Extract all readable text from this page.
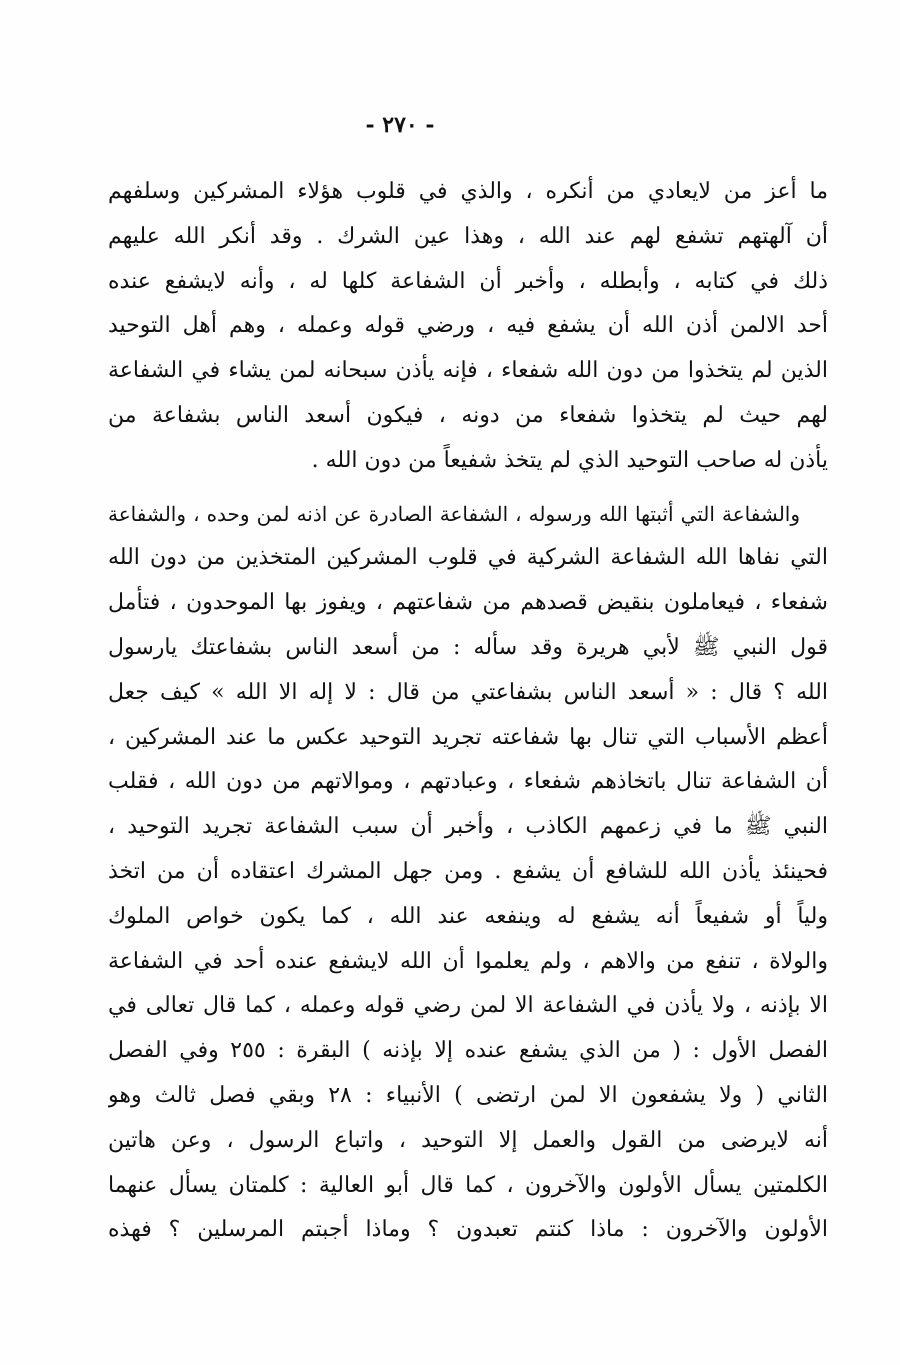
- ٢٧٠ -
ما أعز من لايعادي من أنكره ، والذي في قلوب هؤلاء المشركين وسلفهم
أن آلهتهم تشفع لهم عند الله ، وهذا عين الشرك . وقد أنكر الله عليهم
ذلك في كتابه ، وأبطله ، وأخبر أن الشفاعة كلها له ، وأنه لايشفع عنده
أحد الالمن أذن الله أن يشفع فيه ، ورضي قوله وعمله ، وهم أهل التوحيد
الذين لم يتخذوا من دون الله شفعاء ، فإنه يأذن سبحانه لمن يشاء في الشفاعة
لهم حيث لم يتخذوا شفعاء من دونه ، فيكون أسعد الناس بشفاعة من
يأذن له صاحب التوحيد الذي لم يتخذ شفيعاً من دون الله .
والشفاعة التي أثبتها الله ورسوله ، الشفاعة الصادرة عن اذنه لمن وحده ، والشفاعة
التي نفاها الله الشفاعة الشركية في قلوب المشركين المتخذين من دون الله
شفعاء ، فيعاملون بنقيض قصدهم من شفاعتهم ، ويفوز بها الموحدون ، فتأمل
قول النبي ﷺ لأبي هريرة وقد سأله : من أسعد الناس بشفاعتك يارسول
الله ؟ قال : « أسعد الناس بشفاعتي من قال : لا إله الا الله » كيف جعل
أعظم الأسباب التي تنال بها شفاعته تجريد التوحيد عكس ما عند المشركين ،
أن الشفاعة تنال باتخاذهم شفعاء ، وعبادتهم ، وموالاتهم من دون الله ، فقلب
النبي ﷺ ما في زعمهم الكاذب ، وأخبر أن سبب الشفاعة تجريد التوحيد ،
فحينئذ يأذن الله للشافع أن يشفع . ومن جهل المشرك اعتقاده أن من اتخذ
ولياً أو شفيعاً أنه يشفع له وينفعه عند الله ، كما يكون خواص الملوك
والولاة ، تنفع من والاهم ، ولم يعلموا أن الله لايشفع عنده أحد في الشفاعة
الا بإذنه ، ولا يأذن في الشفاعة الا لمن رضي قوله وعمله ، كما قال تعالى في
الفصل الأول : ( من الذي يشفع عنده إلا بإذنه ) البقرة : ٢٥٥ وفي الفصل
الثاني ( ولا يشفعون الا لمن ارتضى ) الأنبياء : ٢٨ وبقي فصل ثالث وهو
أنه لايرضى من القول والعمل إلا التوحيد ، واتباع الرسول ، وعن هاتين
الكلمتين يسأل الأولون والآخرون ، كما قال أبو العالية : كلمتان يسأل عنهما
الأولون والآخرون : ماذا كنتم تعبدون ؟ وماذا أجبتم المرسلين ؟ فهذه
